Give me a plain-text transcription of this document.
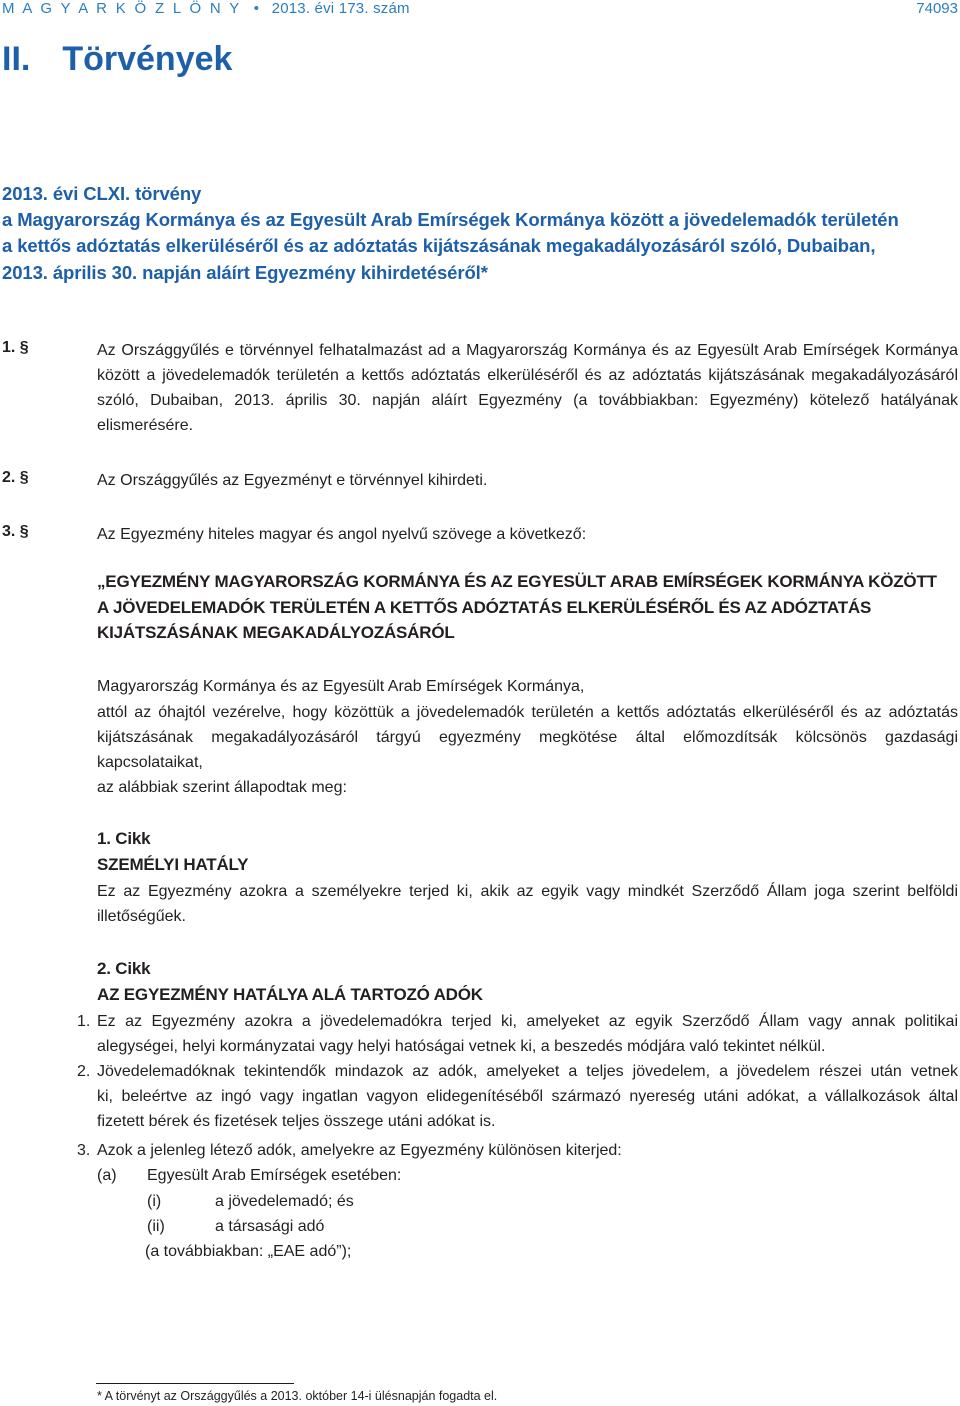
M A G Y A R K Ö Z L Ö N Y • 2013. évi 173. szám	74093
II. Törvények
2013. évi CLXI. törvény
a Magyarország Kormánya és az Egyesült Arab Emírségek Kormánya között a jövedelemadók területén
a kettős adóztatás elkerüléséről és az adóztatás kijátszásának megakadályozásáról szóló, Dubaiban,
2013. április 30. napján aláírt Egyezmény kihirdetéséről*
1. §	Az Országgyűlés e törvénnyel felhatalmazást ad a Magyarország Kormánya és az Egyesült Arab Emírségek Kormánya
között a jövedelemadók területén a kettős adóztatás elkerüléséről és az adóztatás kijátszásának megakadályozásáról
szóló, Dubaiban, 2013. április 30. napján aláírt Egyezmény (a továbbiakban: Egyezmény) kötelező hatályának
elismerésére.
2. §	Az Országgyűlés az Egyezményt e törvénnyel kihirdeti.
3. §	Az Egyezmény hiteles magyar és angol nyelvű szövege a következő:
„EGYEZMÉNY MAGYARORSZÁG KORMÁNYA ÉS AZ EGYESÜLT ARAB EMÍRSÉGEK KORMÁNYA KÖZÖTT
A JÖVEDELEMADÓK TERÜLETÉN A KETTŐS ADÓZTATÁS ELKERÜLÉSÉRŐL ÉS AZ ADÓZTATÁS
KIJÁTSZÁSÁNAK MEGAKADÁLYOZÁSÁRÓL
Magyarország Kormánya és az Egyesült Arab Emírségek Kormánya,
attól az óhajtól vezérelve, hogy közöttük a jövedelemadók területén a kettős adóztatás elkerüléséről és az adóztatás
kijátszásának megakadályozásáról tárgyú egyezmény megkötése által előmozdítsák kölcsönös gazdasági
kapcsolataikat,
az alábbiak szerint állapodtak meg:
1. Cikk
SZEMÉLYI HATÁLY
Ez az Egyezmény azokra a személyekre terjed ki, akik az egyik vagy mindkét Szerződő Állam joga szerint belföldi
illetőségűek.
2. Cikk
AZ EGYEZMÉNY HATÁLYA ALÁ TARTOZÓ ADÓK
1. Ez az Egyezmény azokra a jövedelemadókra terjed ki, amelyeket az egyik Szerződő Állam vagy annak politikai
alegységei, helyi kormányzatai vagy helyi hatóságai vetnek ki, a beszedés módjára való tekintet nélkül.
2. Jövedelemadóknak tekintendők mindazok az adók, amelyeket a teljes jövedelem, a jövedelem részei után vetnek
ki, beleértve az ingó vagy ingatlan vagyon elidegenítéséből származó nyereség utáni adókat, a vállalkozások által
fizetett bérek és fizetések teljes összege utáni adókat is.
3. Azok a jelenleg létező adók, amelyekre az Egyezmény különösen kiterjed:
(a) Egyesült Arab Emírségek esetében:
(i)	a jövedelemadó; és
(ii)	a társasági adó
(a továbbiakban: „EAE adó”);
* A törvényt az Országgyűlés a 2013. október 14-i ülésnapján fogadta el.
